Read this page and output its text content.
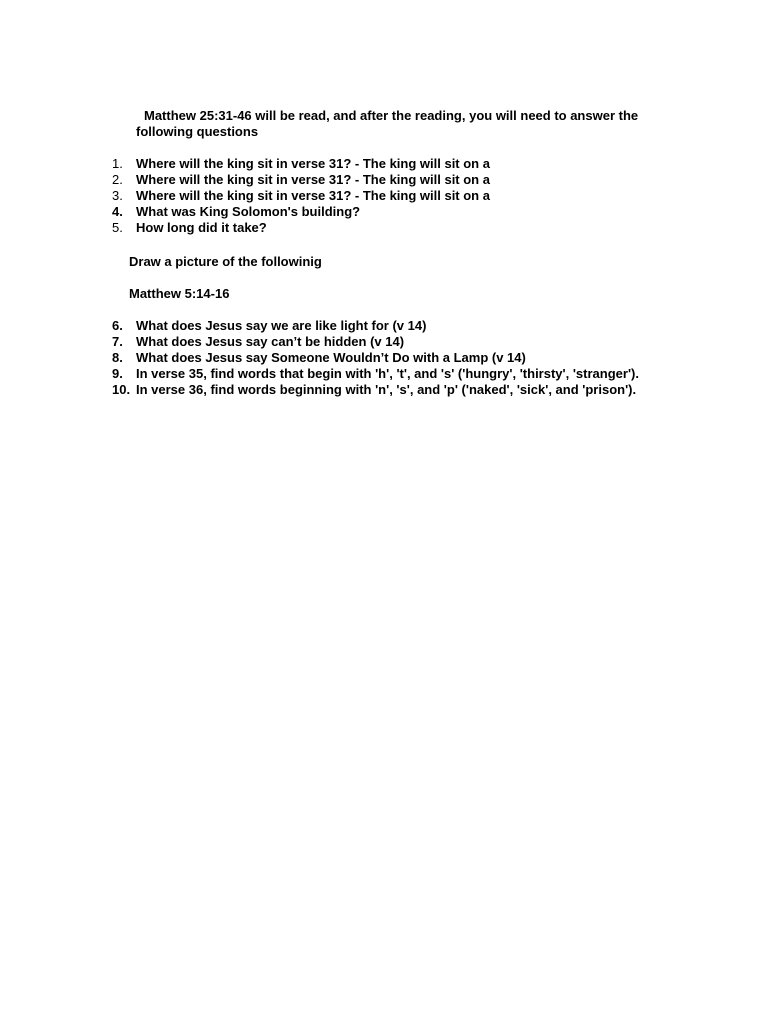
Matthew 25:31-46 will be read, and after the reading, you will need to answer the following questions
1. Where will the king sit in verse 31? - The king will sit on a
2. Where will the king sit in verse 31? - The king will sit on a
3. Where will the king sit in verse 31? - The king will sit on a
4. What was King Solomon's building?
5. How long did it take?
Draw a picture of the followinig
Matthew 5:14-16
6. What does Jesus say we are like light for (v 14)
7. What does Jesus say can’t be hidden (v 14)
8. What does Jesus say Someone Wouldn’t Do with a Lamp (v 14)
9. In verse 35, find words that begin with 'h', 't', and 's' ('hungry', 'thirsty', 'stranger').
10. In verse 36, find words beginning with 'n', 's', and 'p' ('naked', 'sick', and 'prison').
